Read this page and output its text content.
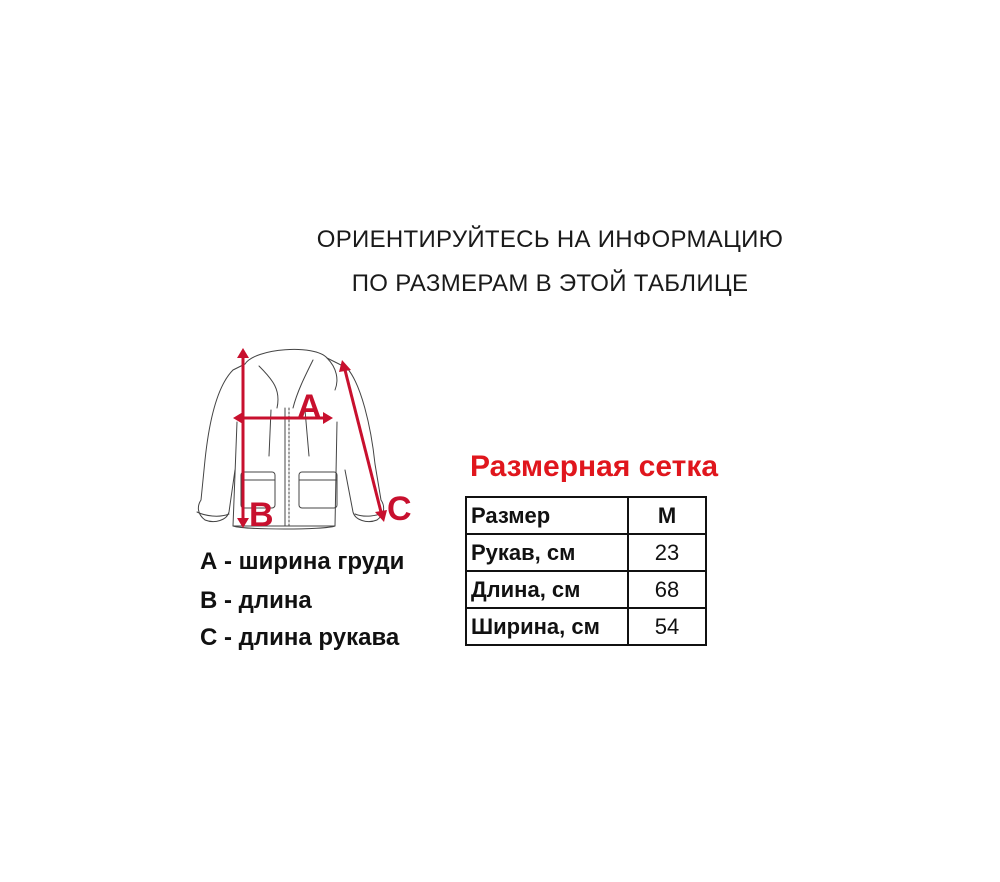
ОРИЕНТИРУЙТЕСЬ НА ИНФОРМАЦИЮ
ПО РАЗМЕРАМ В ЭТОЙ ТАБЛИЦЕ
A
B	C
А - ширина груди
В - длина
С - длина рукава
Размерная сетка
Размер	M
Рукав, см	23
Длина, см	68
Ширина, см	54
